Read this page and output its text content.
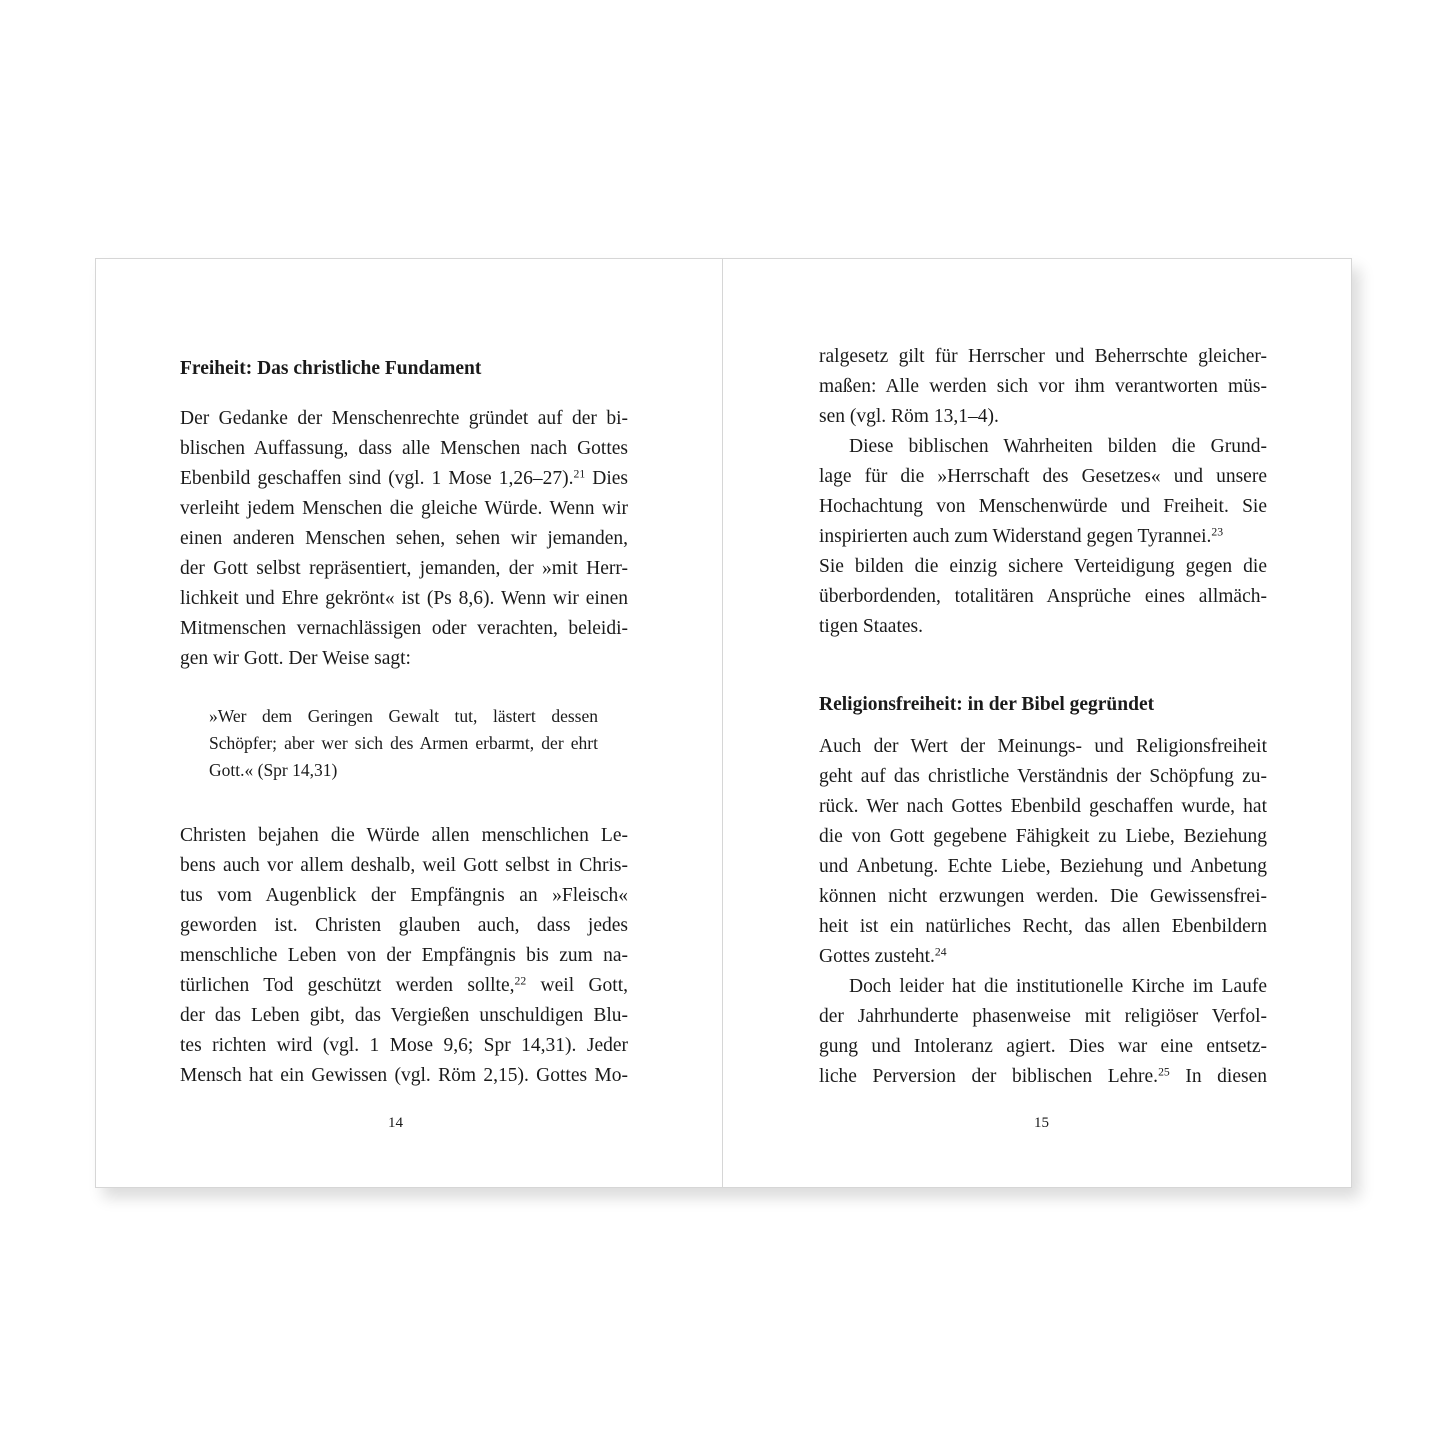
Freiheit: Das christliche Fundament
Der Gedanke der Menschenrechte gründet auf der bi-
blischen Auffassung, dass alle Menschen nach Gottes
Ebenbild geschaffen sind (vgl. 1 Mose 1,26–27).$^{21}$ Dies
verleiht jedem Menschen die gleiche Würde. Wenn wir
einen anderen Menschen sehen, sehen wir jemanden,
der Gott selbst repräsentiert, jemanden, der »mit Herr-
lichkeit und Ehre gekrönt« ist (Ps 8,6). Wenn wir einen
Mitmenschen vernachlässigen oder verachten, beleidi-
gen wir Gott. Der Weise sagt:
»Wer dem Geringen Gewalt tut, lästert dessen
Schöpfer; aber wer sich des Armen erbarmt, der ehrt
Gott.« (Spr 14,31)
Christen bejahen die Würde allen menschlichen Le-
bens auch vor allem deshalb, weil Gott selbst in Chris-
tus vom Augenblick der Empfängnis an »Fleisch«
geworden ist. Christen glauben auch, dass jedes
menschliche Leben von der Empfängnis bis zum na-
türlichen Tod geschützt werden sollte,$^{22}$ weil Gott,
der das Leben gibt, das Vergießen unschuldigen Blu-
tes richten wird (vgl. 1 Mose 9,6; Spr 14,31). Jeder
Mensch hat ein Gewissen (vgl. Röm 2,15). Gottes Mo-
14
ralgesetz gilt für Herrscher und Beherrschte gleicher-
maßen: Alle werden sich vor ihm verantworten müs-
sen (vgl. Röm 13,1–4).
Diese biblischen Wahrheiten bilden die Grund-
lage für die »Herrschaft des Gesetzes« und unsere
Hochachtung von Menschenwürde und Freiheit. Sie
inspirierten auch zum Widerstand gegen Tyrannei.$^{23}$
Sie bilden die einzig sichere Verteidigung gegen die
überbordenden, totalitären Ansprüche eines allmäch-
tigen Staates.
Religionsfreiheit: in der Bibel gegründet
Auch der Wert der Meinungs- und Religionsfreiheit
geht auf das christliche Verständnis der Schöpfung zu-
rück. Wer nach Gottes Ebenbild geschaffen wurde, hat
die von Gott gegebene Fähigkeit zu Liebe, Beziehung
und Anbetung. Echte Liebe, Beziehung und Anbetung
können nicht erzwungen werden. Die Gewissensfrei-
heit ist ein natürliches Recht, das allen Ebenbildern
Gottes zusteht.$^{24}$
Doch leider hat die institutionelle Kirche im Laufe
der Jahrhunderte phasenweise mit religiöser Verfol-
gung und Intoleranz agiert. Dies war eine entsetz-
liche Perversion der biblischen Lehre.$^{25}$ In diesen
15
